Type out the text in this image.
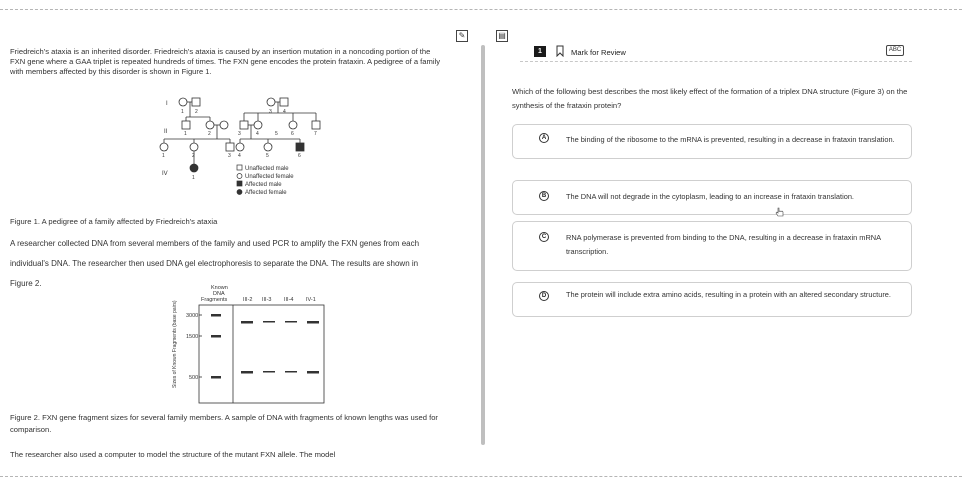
✎	▤

Friedreich's ataxia is an inherited disorder. Friedreich's ataxia is caused by an insertion mutation in a noncoding portion of the FXN gene where a GAA triplet is repeated hundreds of times. The FXN gene encodes the protein frataxin. A pedigree of a family with members affected by this disorder is shown in Figure 1.

I
II
IV
1 2	3 4
1	2	3	4	5	6	7
1	2	3 4	5	6
1
Unaffected male
Unaffected female
Affected male
Affected female

Figure 1. A pedigree of a family affected by Friedreich's ataxia

A researcher collected DNA from several members of the family and used PCR to amplify the FXN genes from each individual's DNA. The researcher then used DNA gel electrophoresis to separate the DNA. The results are shown in Figure 2.	Known
DNA
Fragments	III-2 III-3 III-4 IV-1
3000
1500
500
Sizes of Known Fragments (base pairs)

Figure 2. FXN gene fragment sizes for several family members. A sample of DNA with fragments of known lengths was used for comparison.

The researcher also used a computer to model the structure of the mutant FXN allele. The model

1	Mark for Review	ABC

Which of the following best describes the most likely effect of the formation of a triplex DNA structure (Figure 3) on the synthesis of the frataxin protein?

A	The binding of the ribosome to the mRNA is prevented, resulting in a decrease in frataxin translation.

B	The DNA will not degrade in the cytoplasm, leading to an increase in frataxin translation.

C	RNA polymerase is prevented from binding to the DNA, resulting in a decrease in frataxin mRNA transcription.

D	The protein will include extra amino acids, resulting in a protein with an altered secondary structure.
